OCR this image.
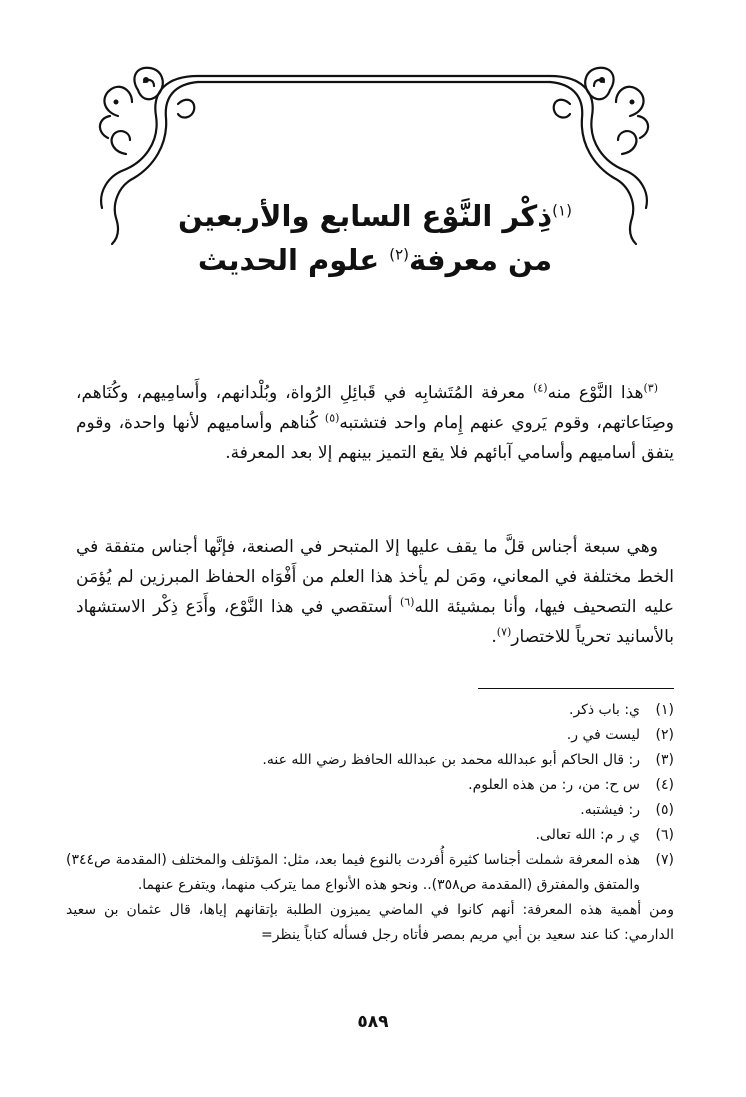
$^{(١)}$ذِكْر النَّوْع السابع والأربعين
من معرفة$^{(٢)}$ علوم الحديث

$^{(٣)}$هذا النَّوْع منه$^{(٤)}$ معرفة المُتَشابِه في قَبائِلِ الرُواة، وبُلْدانهم، وأَسامِيهم، وكُنَاهم، وصِنَاعاتهم، وقوم يَروي عنهم إِمام واحد فتشتبه$^{(٥)}$ كُناهم وأساميهم لأنها واحدة، وقوم يتفق أساميهم وأسامي آبائهم فلا يقع التميز بينهم إلا بعد المعرفة.

وهي سبعة أجناس قلَّ ما يقف عليها إلا المتبحر في الصنعة، فإنَّها أجناس متفقة في الخط مختلفة في المعاني، ومَن لم يأخذ هذا العلم من أَفْوَاه الحفاظ المبرزين لم يُؤمَن عليه التصحيف فيها، وأنا بمشيئة الله$^{(٦)}$ أستقصي في هذا النَّوْع، وأَدَع ذِكْر الاستشهاد بالأسانيد تحرياً للاختصار$^{(٧)}$.

(١)
ي: باب ذكر.
(٢)
ليست في ر.
(٣)
ر: قال الحاكم أبو عبدالله محمد بن عبدالله الحافظ رضي الله عنه.
(٤)
س ح: من، ر: من هذه العلوم.
(٥)
ر: فيشتبه.
(٦)
ي ر م: الله تعالى.
(٧)
هذه المعرفة شملت أجناسا كثيرة أُفردت بالنوع فيما بعد، مثل: المؤتلف والمختلف (المقدمة ص٣٤٤) والمتفق والمفترق (المقدمة ص٣٥٨).. ونحو هذه الأنواع مما يتركب منهما، ويتفرع عنهما.
ومن أهمية هذه المعرفة: أنهم كانوا في الماضي يميزون الطلبة بإتقانهم إياها، قال عثمان بن سعيد الدارمي: كنا عند سعيد بن أبي مريم بمصر فأتاه رجل فسأله كتاباً ينظر=
٥٨٩
